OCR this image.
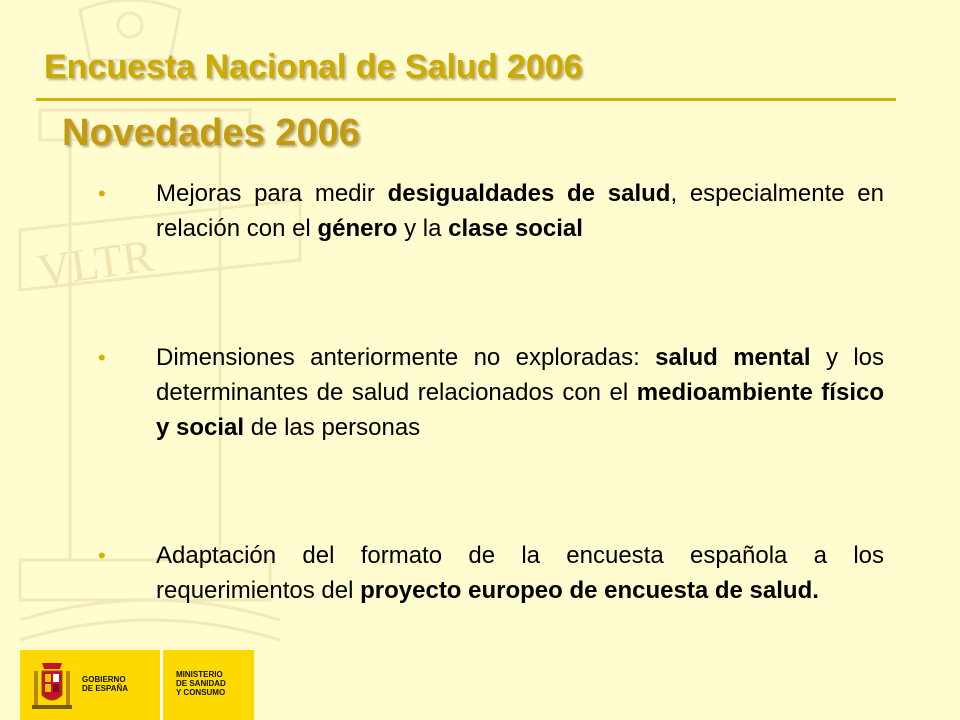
VLTR
Encuesta Nacional de Salud 2006
Novedades 2006
• Mejoras para medir desigualdades de salud, especialmente en relación con el género y la clase social
• Dimensiones anteriormente no exploradas: salud mental y los determinantes de salud relacionados con el medioambiente físico y social de las personas
• Adaptación del formato de la encuesta española a los requerimientos del proyecto europeo de encuesta de salud.
GOBIERNO
DE ESPAÑA
MINISTERIO
DE SANIDAD
Y CONSUMO
